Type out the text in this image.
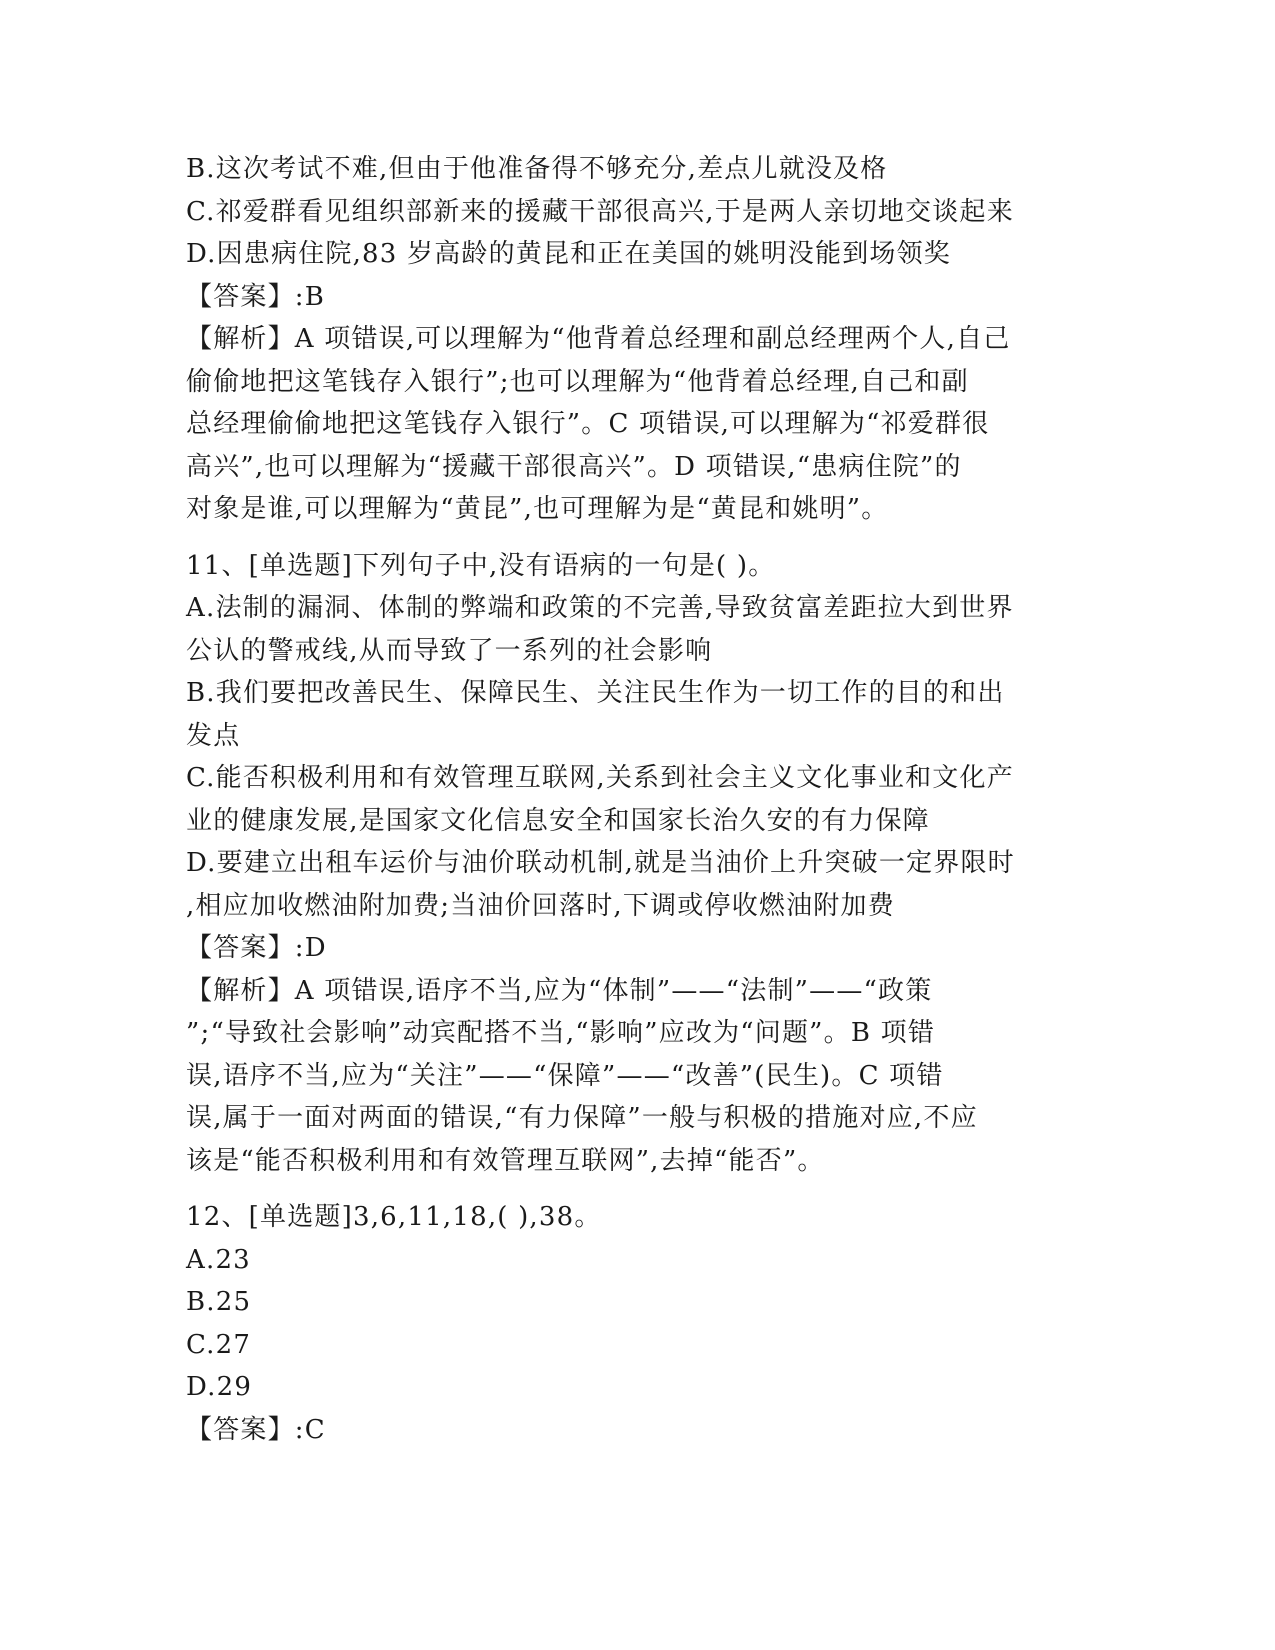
B.这次考试不难,但由于他准备得不够充分,差点儿就没及格
C.祁爱群看见组织部新来的援藏干部很高兴,于是两人亲切地交谈起来
D.因患病住院,83 岁高龄的黄昆和正在美国的姚明没能到场领奖
【答案】:B
【解析】A 项错误,可以理解为“他背着总经理和副总经理两个人,自己
偷偷地把这笔钱存入银行”;也可以理解为“他背着总经理,自己和副
总经理偷偷地把这笔钱存入银行”。C 项错误,可以理解为“祁爱群很
高兴”,也可以理解为“援藏干部很高兴”。D 项错误,“患病住院”的
对象是谁,可以理解为“黄昆”,也可理解为是“黄昆和姚明”。
11、[单选题]下列句子中,没有语病的一句是( )。
A.法制的漏洞、体制的弊端和政策的不完善,导致贫富差距拉大到世界
公认的警戒线,从而导致了一系列的社会影响
B.我们要把改善民生、保障民生、关注民生作为一切工作的目的和出
发点
C.能否积极利用和有效管理互联网,关系到社会主义文化事业和文化产
业的健康发展,是国家文化信息安全和国家长治久安的有力保障
D.要建立出租车运价与油价联动机制,就是当油价上升突破一定界限时
,相应加收燃油附加费;当油价回落时,下调或停收燃油附加费
【答案】:D
【解析】A 项错误,语序不当,应为“体制”——“法制”——“政策
”;“导致社会影响”动宾配搭不当,“影响”应改为“问题”。B 项错
误,语序不当,应为“关注”——“保障”——“改善”(民生)。C 项错
误,属于一面对两面的错误,“有力保障”一般与积极的措施对应,不应
该是“能否积极利用和有效管理互联网”,去掉“能否”。
12、[单选题]3,6,11,18,( ),38。
A.23
B.25
C.27
D.29
【答案】:C
